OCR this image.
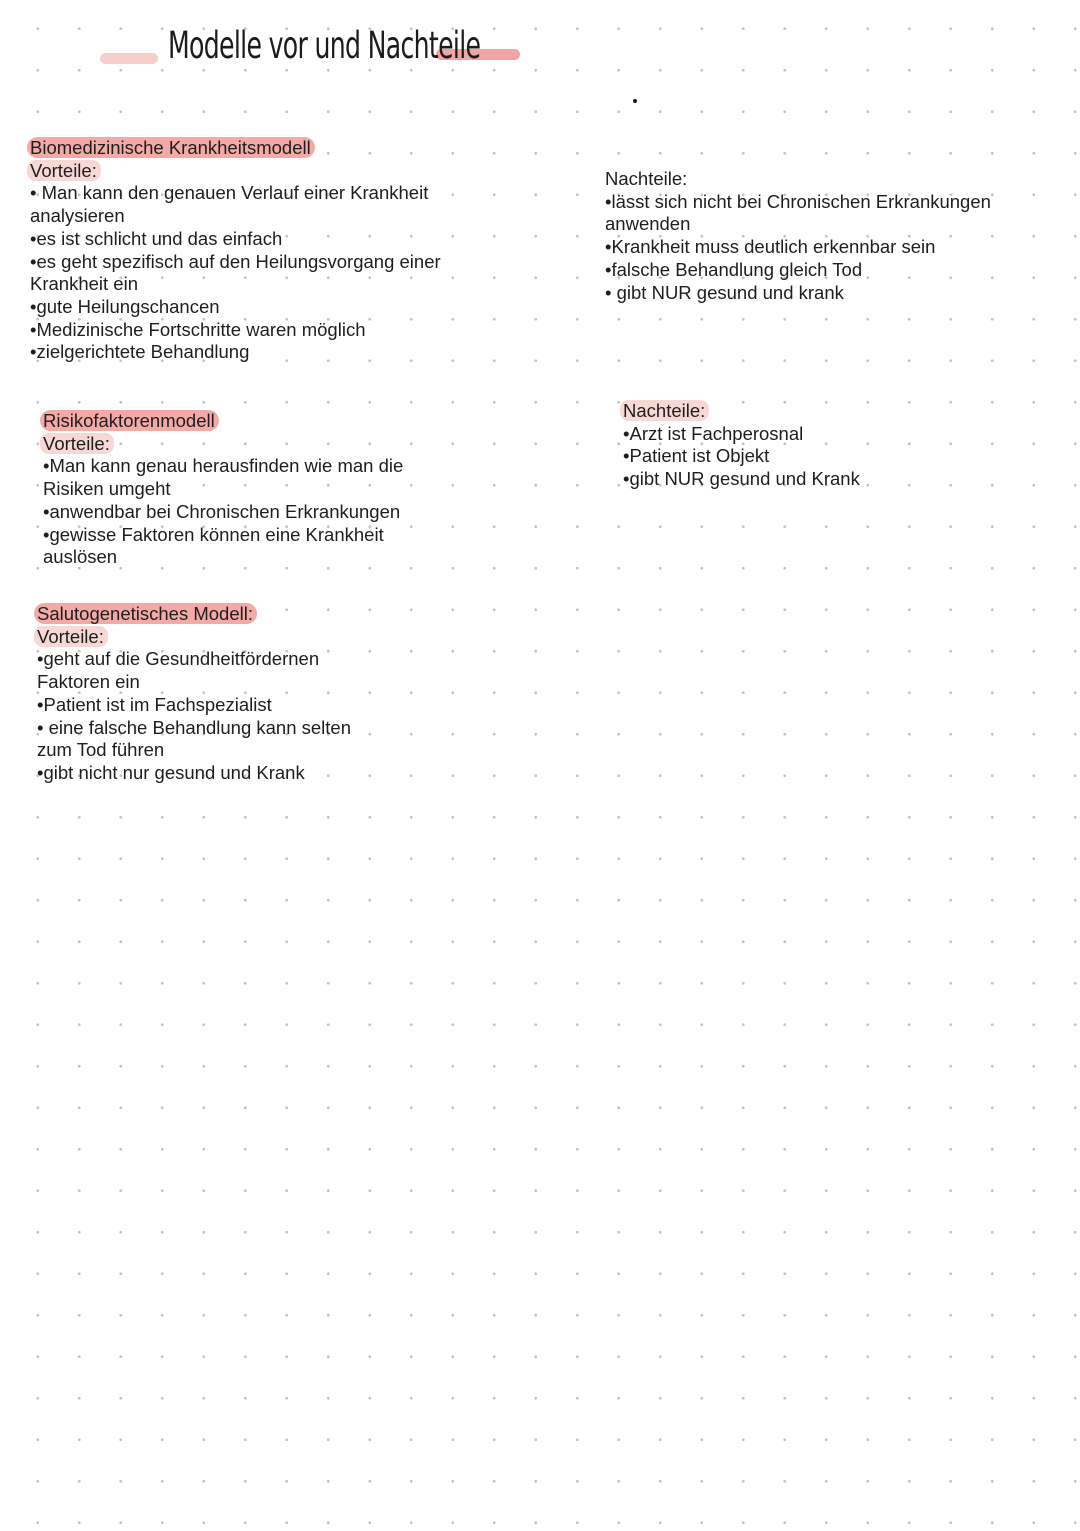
Modelle vor und Nachteile

Biomedizinische Krankheitsmodell

Vorteile:

• Man kann den genauen Verlauf einer Krankheit

analysieren

•es ist schlicht und das einfach

•es geht spezifisch auf den Heilungsvorgang einer

Krankheit ein

•gute Heilungschancen

•Medizinische Fortschritte waren möglich

•zielgerichtete Behandlung

Nachteile:

•lässt sich nicht bei Chronischen Erkrankungen

anwenden

•Krankheit muss deutlich erkennbar sein

•falsche Behandlung gleich Tod

• gibt NUR gesund und krank

Risikofaktorenmodell

Vorteile:

•Man kann genau herausfinden wie man die

Risiken umgeht

•anwendbar bei Chronischen Erkrankungen

•gewisse Faktoren können eine Krankheit

auslösen

Nachteile:

•Arzt ist Fachperosnal

•Patient ist Objekt

•gibt NUR gesund und Krank

Salutogenetisches Modell:

Vorteile:

•geht auf die Gesundheitfördernen

Faktoren ein

•Patient ist im Fachspezialist

• eine falsche Behandlung kann selten

zum Tod führen

•gibt nicht nur gesund und Krank
